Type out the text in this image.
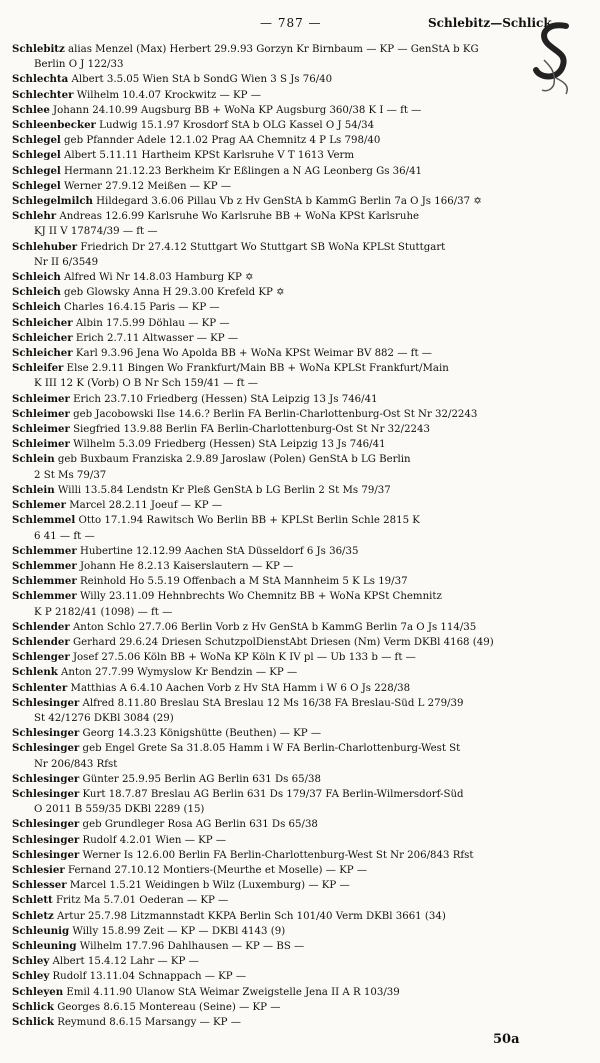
— 787 —	Schlebitz—Schlick
• Schlebitz alias Menzel (Max) Herbert 29.9.93 Gorzyn Kr Birnbaum — KP — GenStA b KG
Berlin O J 122/33
Schlechta Albert 3.5.05 Wien StA b SondG Wien 3 S Js 76/40
Schlechter Wilhelm 10.4.07 Krockwitz — KP —
Schlee Johann 24.10.99 Augsburg BB + WoNa KP Augsburg 360/38 K I — ft —
Schleenbecker Ludwig 15.1.97 Krosdorf StA b OLG Kassel O J 54/34
Schlegel geb Pfannder Adele 12.1.02 Prag AA Chemnitz 4 P Ls 798/40
Schlegel Albert 5.11.11 Hartheim KPSt Karlsruhe V T 1613 Verm
• Schlegel Hermann 21.12.23 Berkheim Kr Eßlingen a N AG Leonberg Gs 36/41
• Schlegel Werner 27.9.12 Meißen — KP —
Schlegelmilch Hildegard 3.6.06 Pillau Vb z Hv GenStA b KammG Berlin 7a O Js 166/37 ✡
Schlehr Andreas 12.6.99 Karlsruhe Wo Karlsruhe BB + WoNa KPSt Karlsruhe
KJ II V 17874/39 — ft —
• Schlehuber Friedrich Dr 27.4.12 Stuttgart Wo Stuttgart SB WoNa KPLSt Stuttgart
Nr II 6/3549
Schleich Alfred Wi Nr 14.8.03 Hamburg KP ✡
• Schleich geb Glowsky Anna H 29.3.00 Krefeld KP ✡
Schleich Charles 16.4.15 Paris — KP —
Schleicher Albin 17.5.99 Döhlau — KP —
Schleicher Erich 2.7.11 Altwasser — KP —
Schleicher Karl 9.3.96 Jena Wo Apolda BB + WoNa KPSt Weimar BV 882 — ft —
• Schleifer Else 2.9.11 Bingen Wo Frankfurt/Main BB + WoNa KPLSt Frankfurt/Main
K III 12 K (Vorb) O B Nr Sch 159/41 — ft —
Schleimer Erich 23.7.10 Friedberg (Hessen) StA Leipzig 13 Js 746/41
Schleimer geb Jacobowski Ilse 14.6.? Berlin FA Berlin-Charlottenburg-Ost St Nr 32/2243
Schleimer Siegfried 13.9.88 Berlin FA Berlin-Charlottenburg-Ost St Nr 32/2243
Schleimer Wilhelm 5.3.09 Friedberg (Hessen) StA Leipzig 13 Js 746/41
Schlein geb Buxbaum Franziska 2.9.89 Jaroslaw (Polen) GenStA b LG Berlin
2 St Ms 79/37
Schlein Willi 13.5.84 Lendstn Kr Pleß GenStA b LG Berlin 2 St Ms 79/37
Schlemer Marcel 28.2.11 Joeuf — KP —
Schlemmel Otto 17.1.94 Rawitsch Wo Berlin BB + KPLSt Berlin Schle 2815 K
6 41 — ft —
Schlemmer Hubertine 12.12.99 Aachen StA Düsseldorf 6 Js 36/35
Schlemmer Johann He 8.2.13 Kaiserslautern — KP —
Schlemmer Reinhold Ho 5.5.19 Offenbach a M StA Mannheim 5 K Ls 19/37
Schlemmer Willy 23.11.09 Hehnbrechts Wo Chemnitz BB + WoNa KPSt Chemnitz
K P 2182/41 (1098) — ft —
Schlender Anton Schlo 27.7.06 Berlin Vorb z Hv GenStA b KammG Berlin 7a O Js 114/35
Schlender Gerhard 29.6.24 Driesen SchutzpolDienstAbt Driesen (Nm) Verm DKBl 4168 (49)
Schlenger Josef 27.5.06 Köln BB + WoNa KP Köln K IV pl — Ub 133 b — ft —
Schlenk Anton 27.7.99 Wymyslow Kr Bendzin — KP —
Schlenter Matthias A 6.4.10 Aachen Vorb z Hv StA Hamm i W 6 O Js 228/38
Schlesinger Alfred 8.11.80 Breslau StA Breslau 12 Ms 16/38 FA Breslau-Süd L 279/39
St 42/1276 DKBl 3084 (29)
Schlesinger Georg 14.3.23 Königshütte (Beuthen) — KP —
Schlesinger geb Engel Grete Sa 31.8.05 Hamm i W FA Berlin-Charlottenburg-West St
Nr 206/843 Rfst
Schlesinger Günter 25.9.95 Berlin AG Berlin 631 Ds 65/38
Schlesinger Kurt 18.7.87 Breslau AG Berlin 631 Ds 179/37 FA Berlin-Wilmersdorf-Süd
O 2011 B 559/35 DKBl 2289 (15)
Schlesinger geb Grundleger Rosa AG Berlin 631 Ds 65/38
Schlesinger Rudolf 4.2.01 Wien — KP —
Schlesinger Werner Is 12.6.00 Berlin FA Berlin-Charlottenburg-West St Nr 206/843 Rfst
Schlesier Fernand 27.10.12 Montiers-(Meurthe et Moselle) — KP —
Schlesser Marcel 1.5.21 Weidingen b Wilz (Luxemburg) — KP —
Schlett Fritz Ma 5.7.01 Oederan — KP —
Schletz Artur 25.7.98 Litzmannstadt KKPA Berlin Sch 101/40 Verm DKBl 3661 (34)
Schleunig Willy 15.8.99 Zeit — KP — DKBl 4143 (9)
Schleuning Wilhelm 17.7.96 Dahlhausen — KP — BS —
• Schley Albert 15.4.12 Lahr — KP —
Schley Rudolf 13.11.04 Schnappach — KP —
Schleyen Emil 4.11.90 Ulanow StA Weimar Zweigstelle Jena II A R 103/39
Schlick Georges 8.6.15 Montereau (Seine) — KP —
• Schlick Reymund 8.6.15 Marsangy — KP —
50a
